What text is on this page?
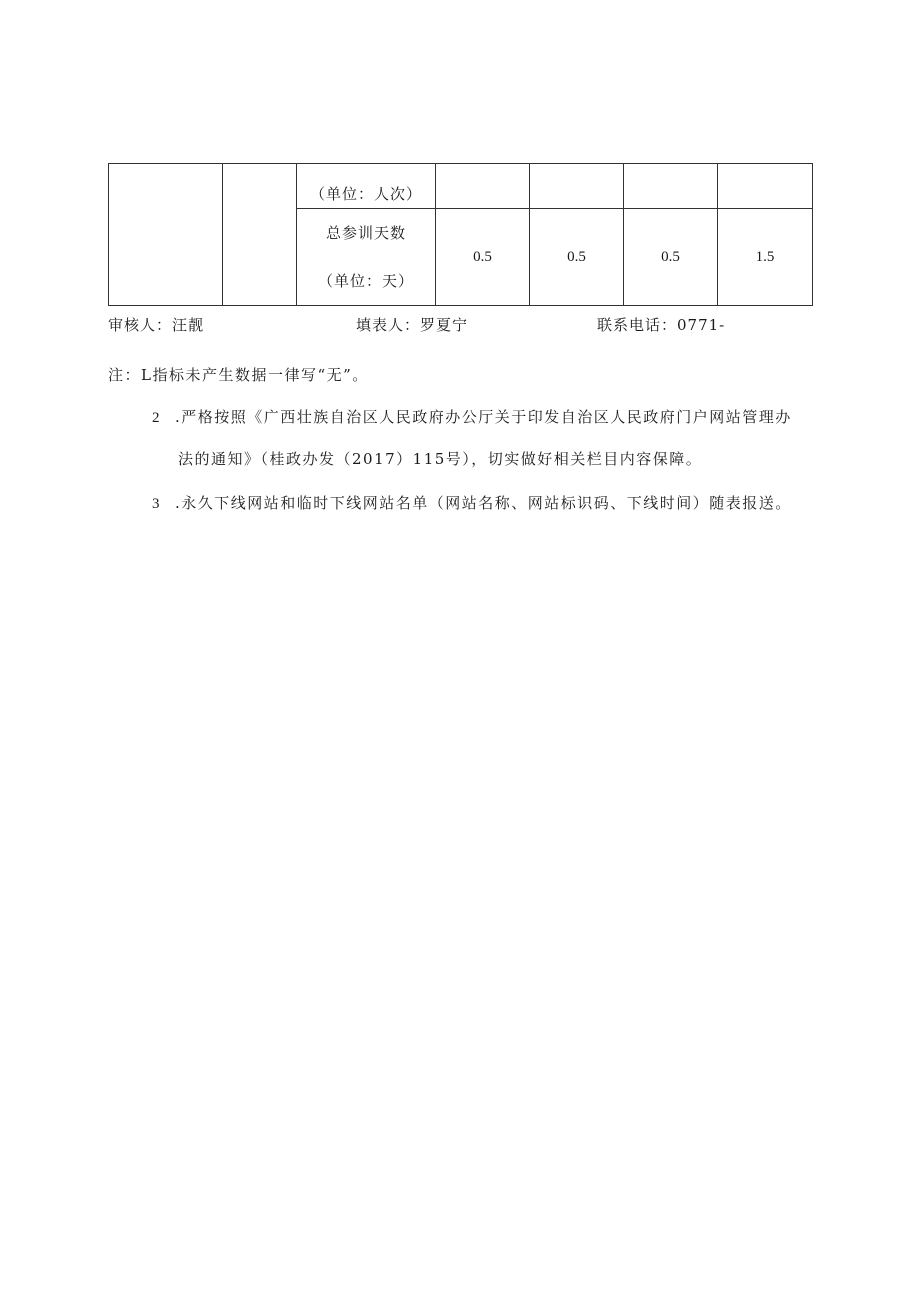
		（单位：人次）				

		总参训天数
（单位：天）	0.5	0.5	0.5	1.5
审核人：汪靓	填表人：罗夏宁	联系电话：0771-
注：L指标未产生数据一律写“无”。
2 .严格按照《广西壮族自治区人民政府办公厅关于印发自治区人民政府门户网站管理办
法的通知》（桂政办发（2017）115号），切实做好相关栏目内容保障。
3 .永久下线网站和临时下线网站名单（网站名称、网站标识码、下线时间）随表报送。
